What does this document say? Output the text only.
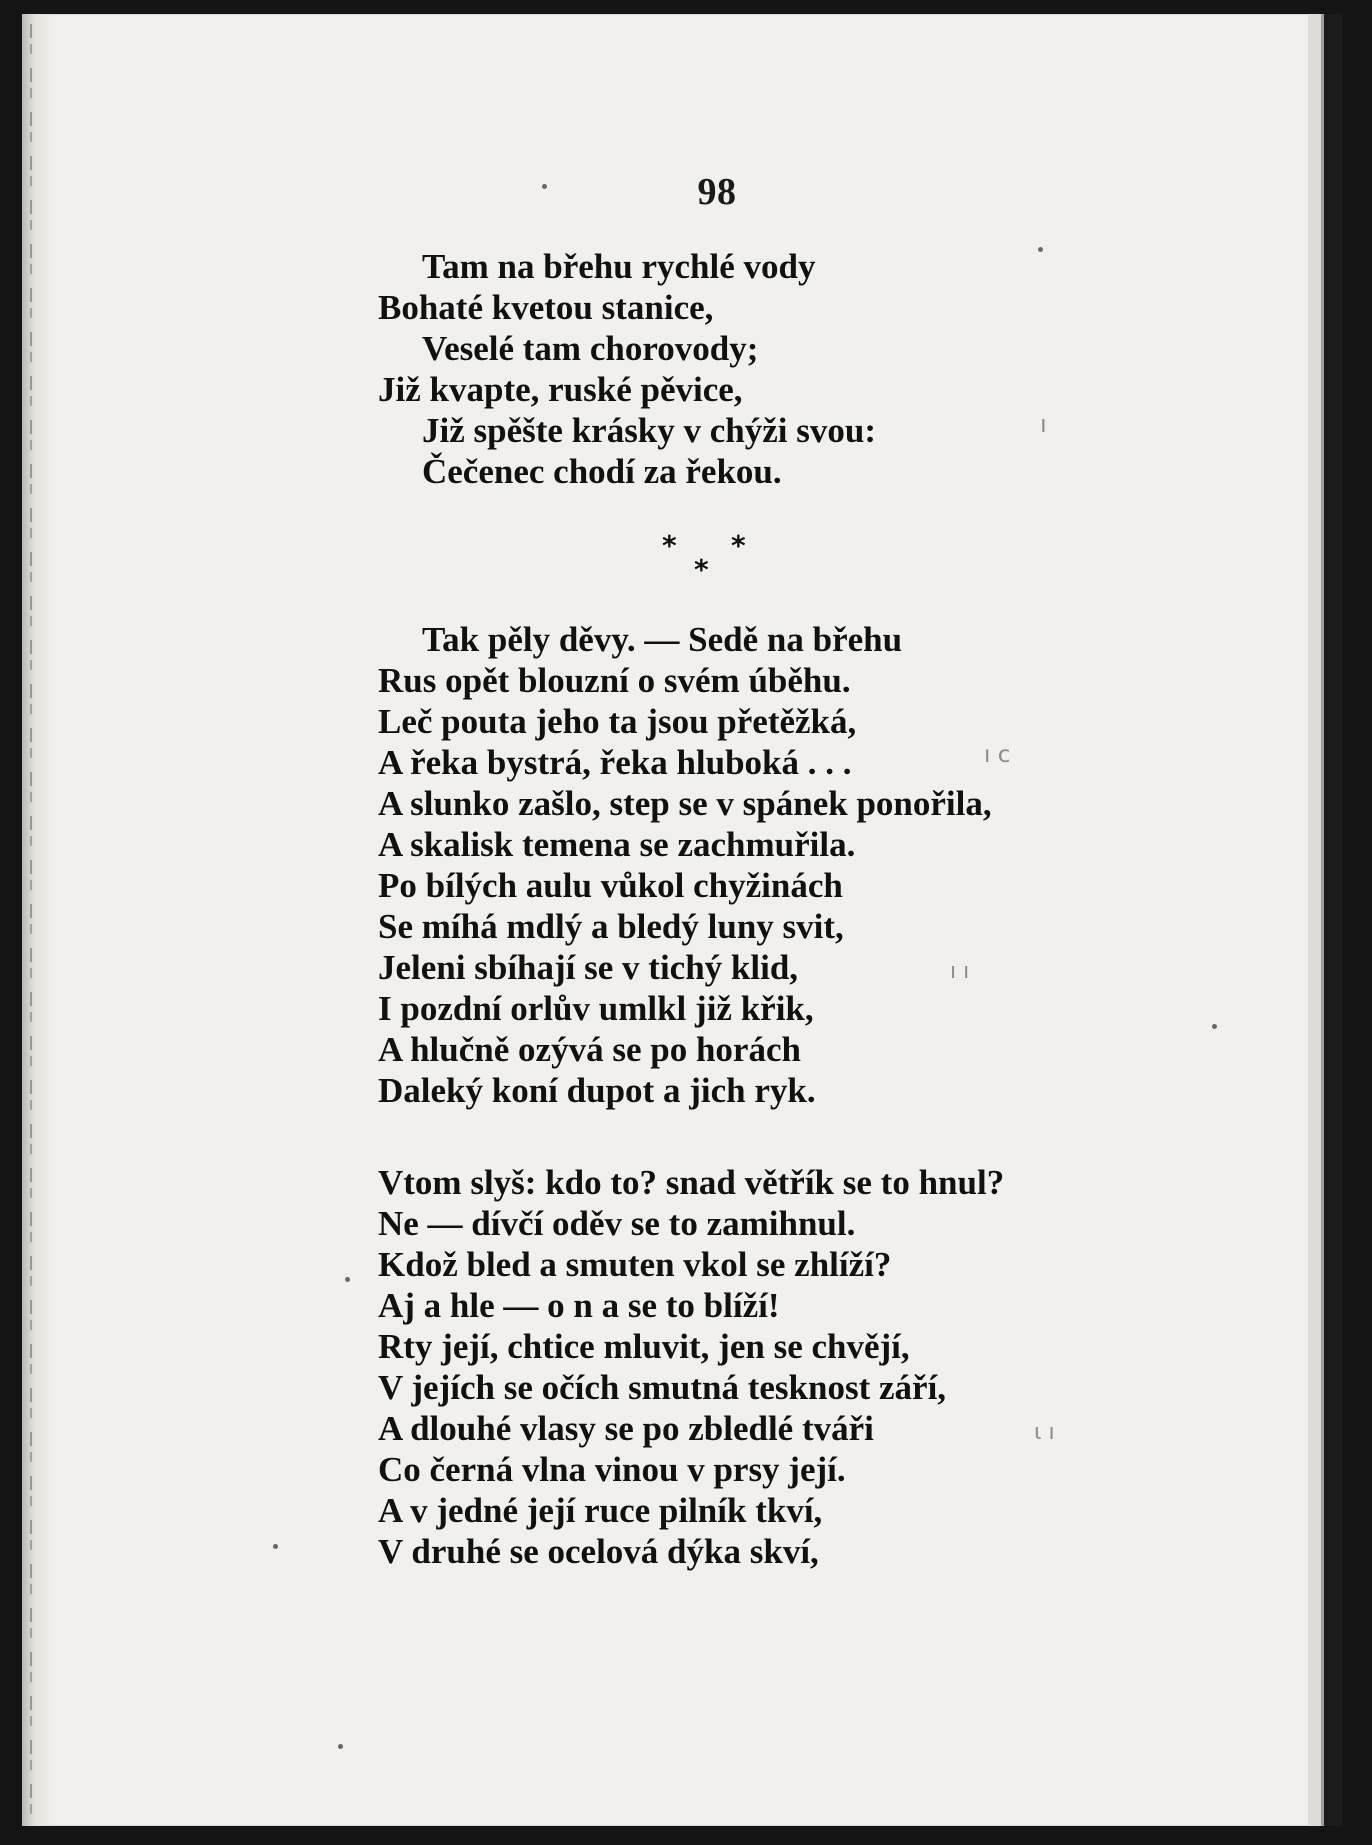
98
Tam na břehu rychlé vody
Bohaté kvetou stanice,
Veselé tam chorovody;
Již kvapte, ruské pěvice,
Již spěšte krásky v chýži svou:
Čečenec chodí za řekou.
* *
*
Tak pěly děvy. — Sedě na břehu
Rus opět blouzní o svém úběhu.
Leč pouta jeho ta jsou přetěžká,
A řeka bystrá, řeka hluboká . . .
A slunko zašlo, step se v spánek ponořila,
A skalisk temena se zachmuřila.
Po bílých aulu vůkol chyžinách
Se míhá mdlý a bledý luny svit,
Jeleni sbíhají se v tichý klid,
I pozdní orlův umlkl již křik,
A hlučně ozývá se po horách
Daleký koní dupot a jich ryk.
Vtom slyš: kdo to? snad větřík se to hnul?
Ne — dívčí oděv se to zamihnul.
Kdož bled a smuten vkol se zhlíží?
Aj a hle — o n a se to blíží!
Rty její, chtice mluvit, jen se chvějí,
V jejích se očích smutná tesknost září,
A dlouhé vlasy se po zbledlé tváři
Co černá vlna vinou v prsy její.
A v jedné její ruce pilník tkví,
V druhé se ocelová dýka skví,
ı
ı c
ı ı
ɩ ı
